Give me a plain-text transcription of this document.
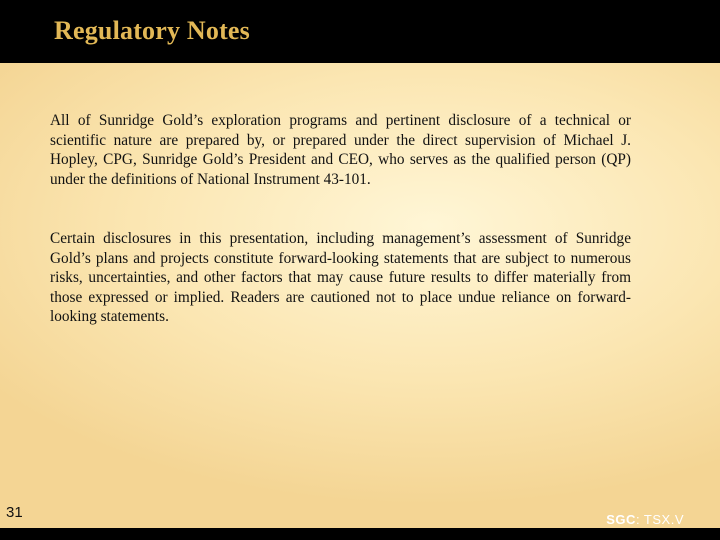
Regulatory Notes

All of Sunridge Gold’s exploration programs and pertinent disclosure of a technical or scientific nature are prepared by, or prepared under the direct supervision of Michael J. Hopley, CPG, Sunridge Gold’s President and CEO, who serves as the qualified person (QP) under the definitions of National Instrument 43-101.

Certain disclosures in this presentation, including management’s assessment of Sunridge Gold’s plans and projects constitute forward-looking statements that are subject to numerous risks, uncertainties, and other factors that may cause future results to differ materially from those expressed or implied. Readers are cautioned not to place undue reliance on forward-looking statements.

31	SGC: TSX.V
